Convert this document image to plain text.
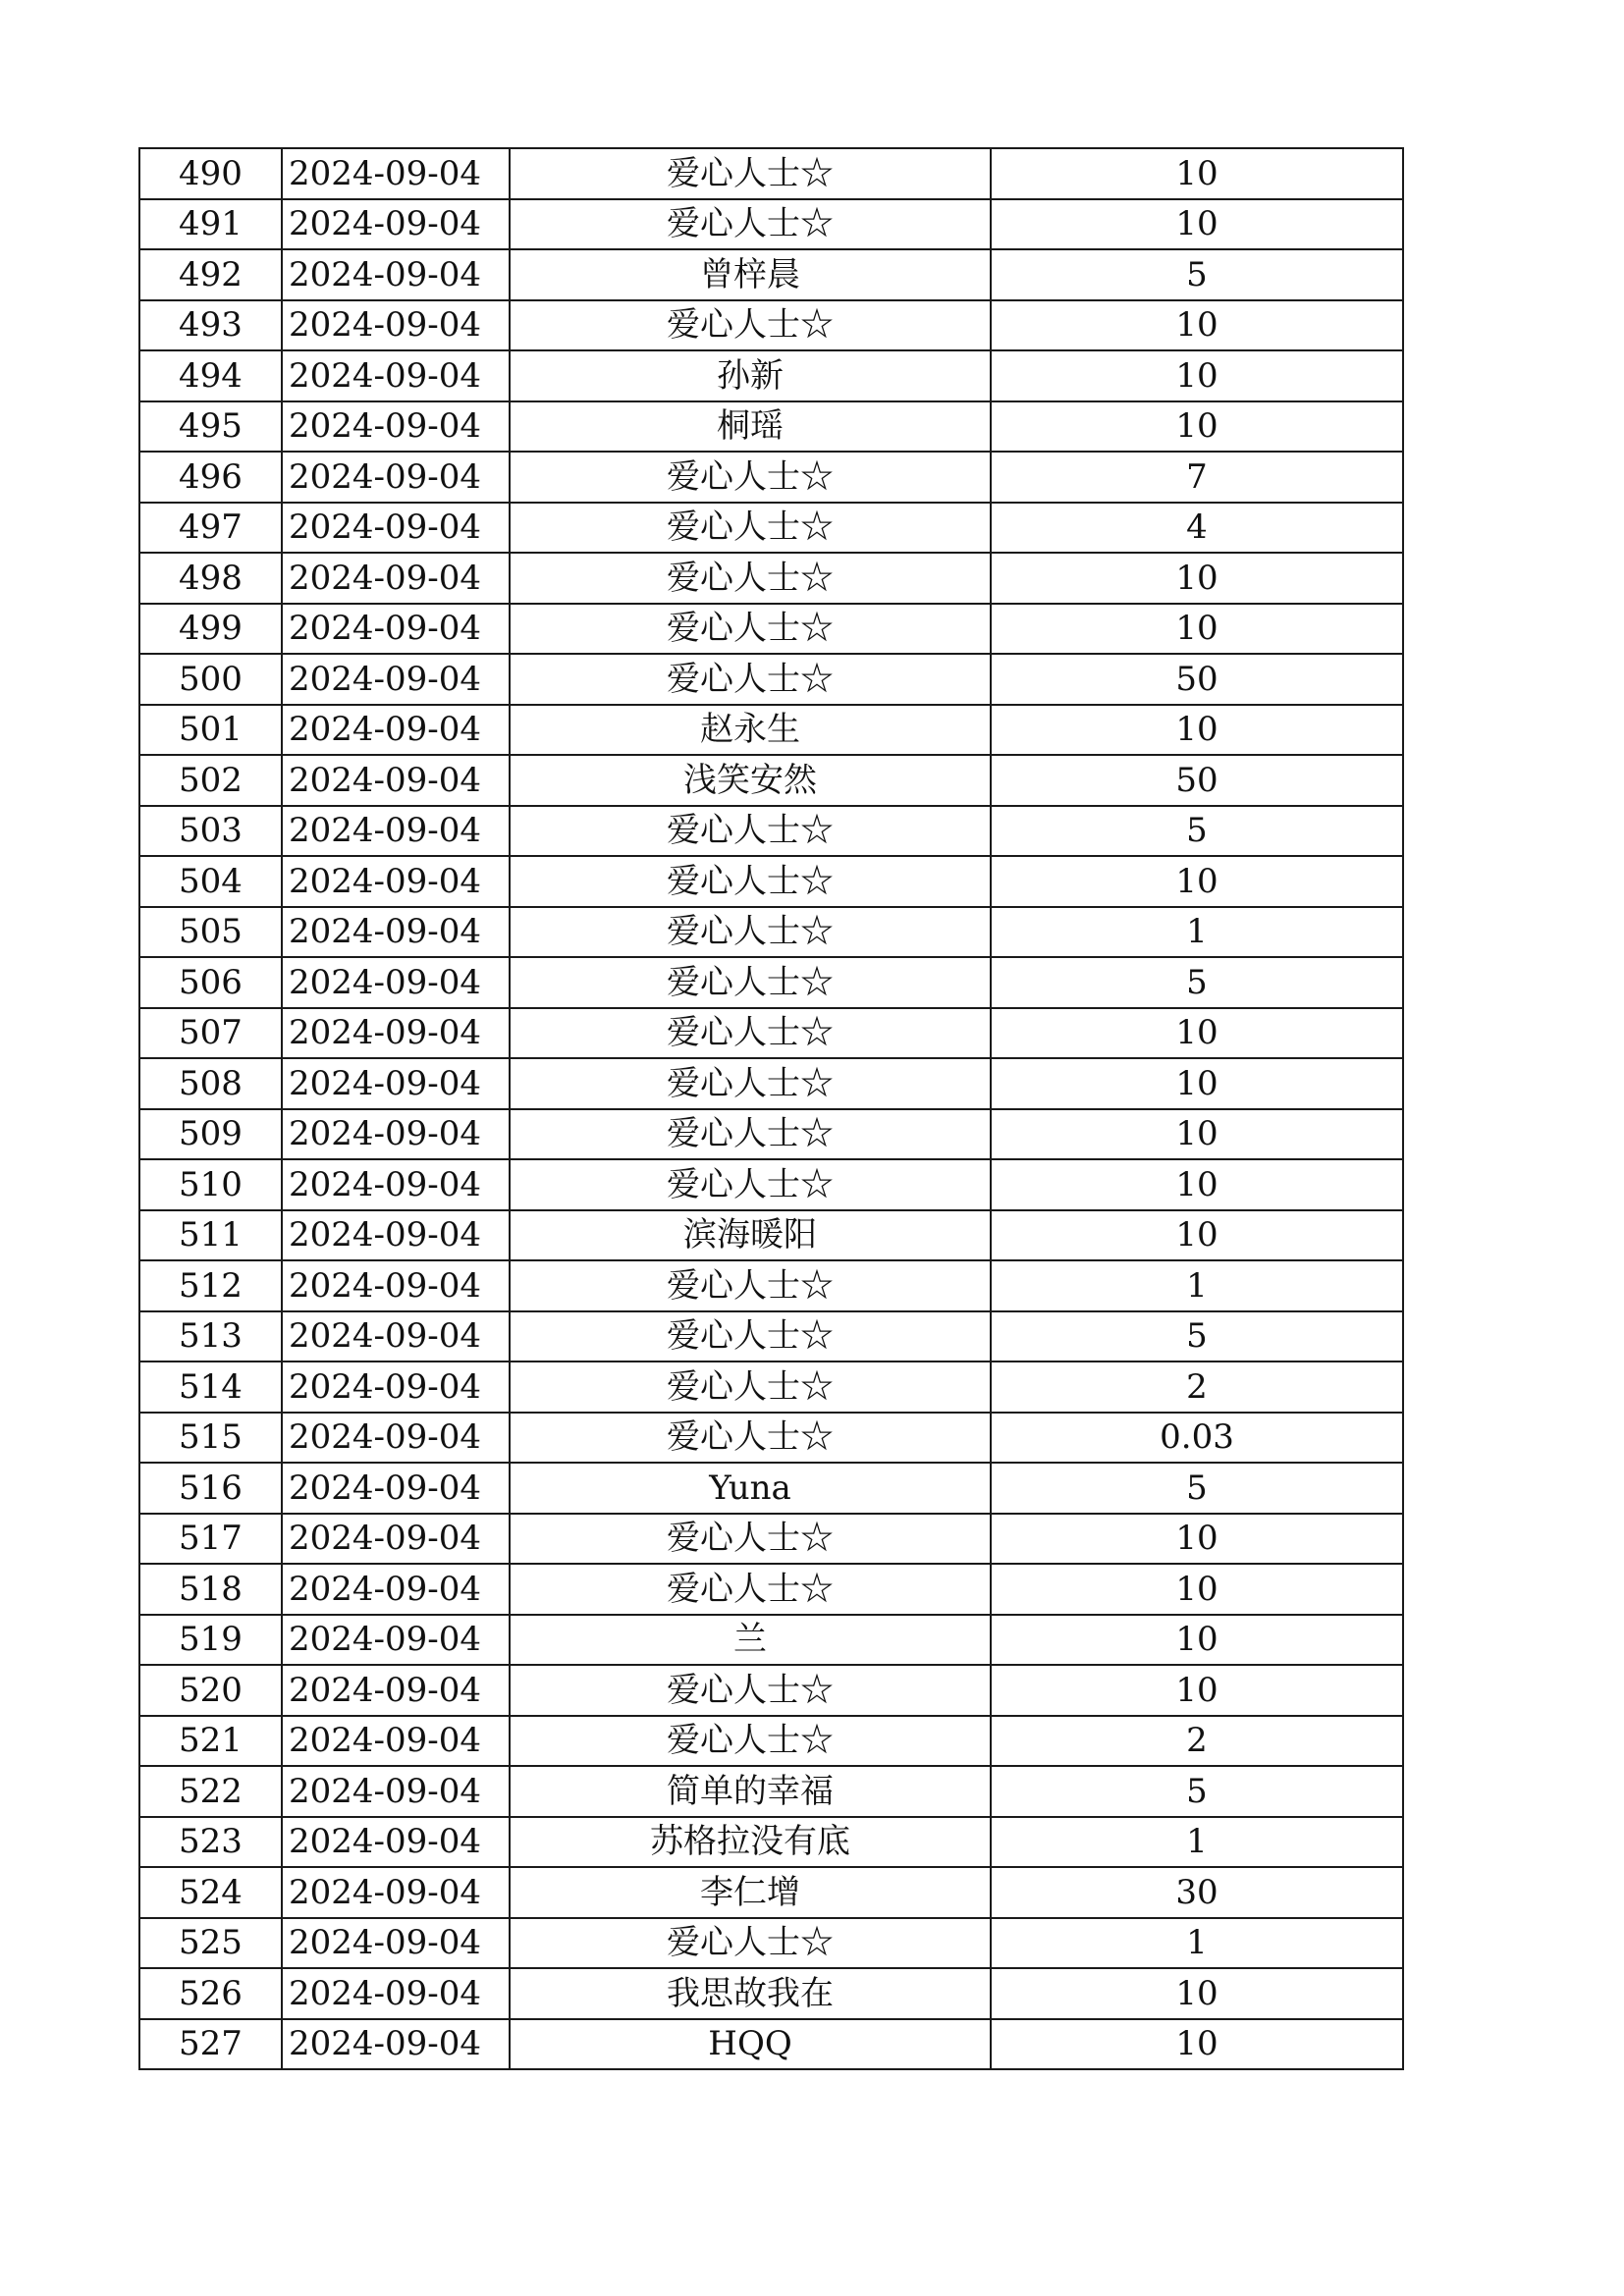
490	2024-09-04	爱心人士☆	10
491	2024-09-04	爱心人士☆	10
492	2024-09-04	曾梓晨	5
493	2024-09-04	爱心人士☆	10
494	2024-09-04	孙新	10
495	2024-09-04	桐瑶	10
496	2024-09-04	爱心人士☆	7
497	2024-09-04	爱心人士☆	4
498	2024-09-04	爱心人士☆	10
499	2024-09-04	爱心人士☆	10
500	2024-09-04	爱心人士☆	50
501	2024-09-04	赵永生	10
502	2024-09-04	浅笑安然	50
503	2024-09-04	爱心人士☆	5
504	2024-09-04	爱心人士☆	10
505	2024-09-04	爱心人士☆	1
506	2024-09-04	爱心人士☆	5
507	2024-09-04	爱心人士☆	10
508	2024-09-04	爱心人士☆	10
509	2024-09-04	爱心人士☆	10
510	2024-09-04	爱心人士☆	10
511	2024-09-04	滨海暖阳	10
512	2024-09-04	爱心人士☆	1
513	2024-09-04	爱心人士☆	5
514	2024-09-04	爱心人士☆	2
515	2024-09-04	爱心人士☆	0.03
516	2024-09-04	Yuna	5
517	2024-09-04	爱心人士☆	10
518	2024-09-04	爱心人士☆	10
519	2024-09-04	兰	10
520	2024-09-04	爱心人士☆	10
521	2024-09-04	爱心人士☆	2
522	2024-09-04	简单的幸福	5
523	2024-09-04	苏格拉没有底	1
524	2024-09-04	李仁增	30
525	2024-09-04	爱心人士☆	1
526	2024-09-04	我思故我在	10
527	2024-09-04	HQQ	10
